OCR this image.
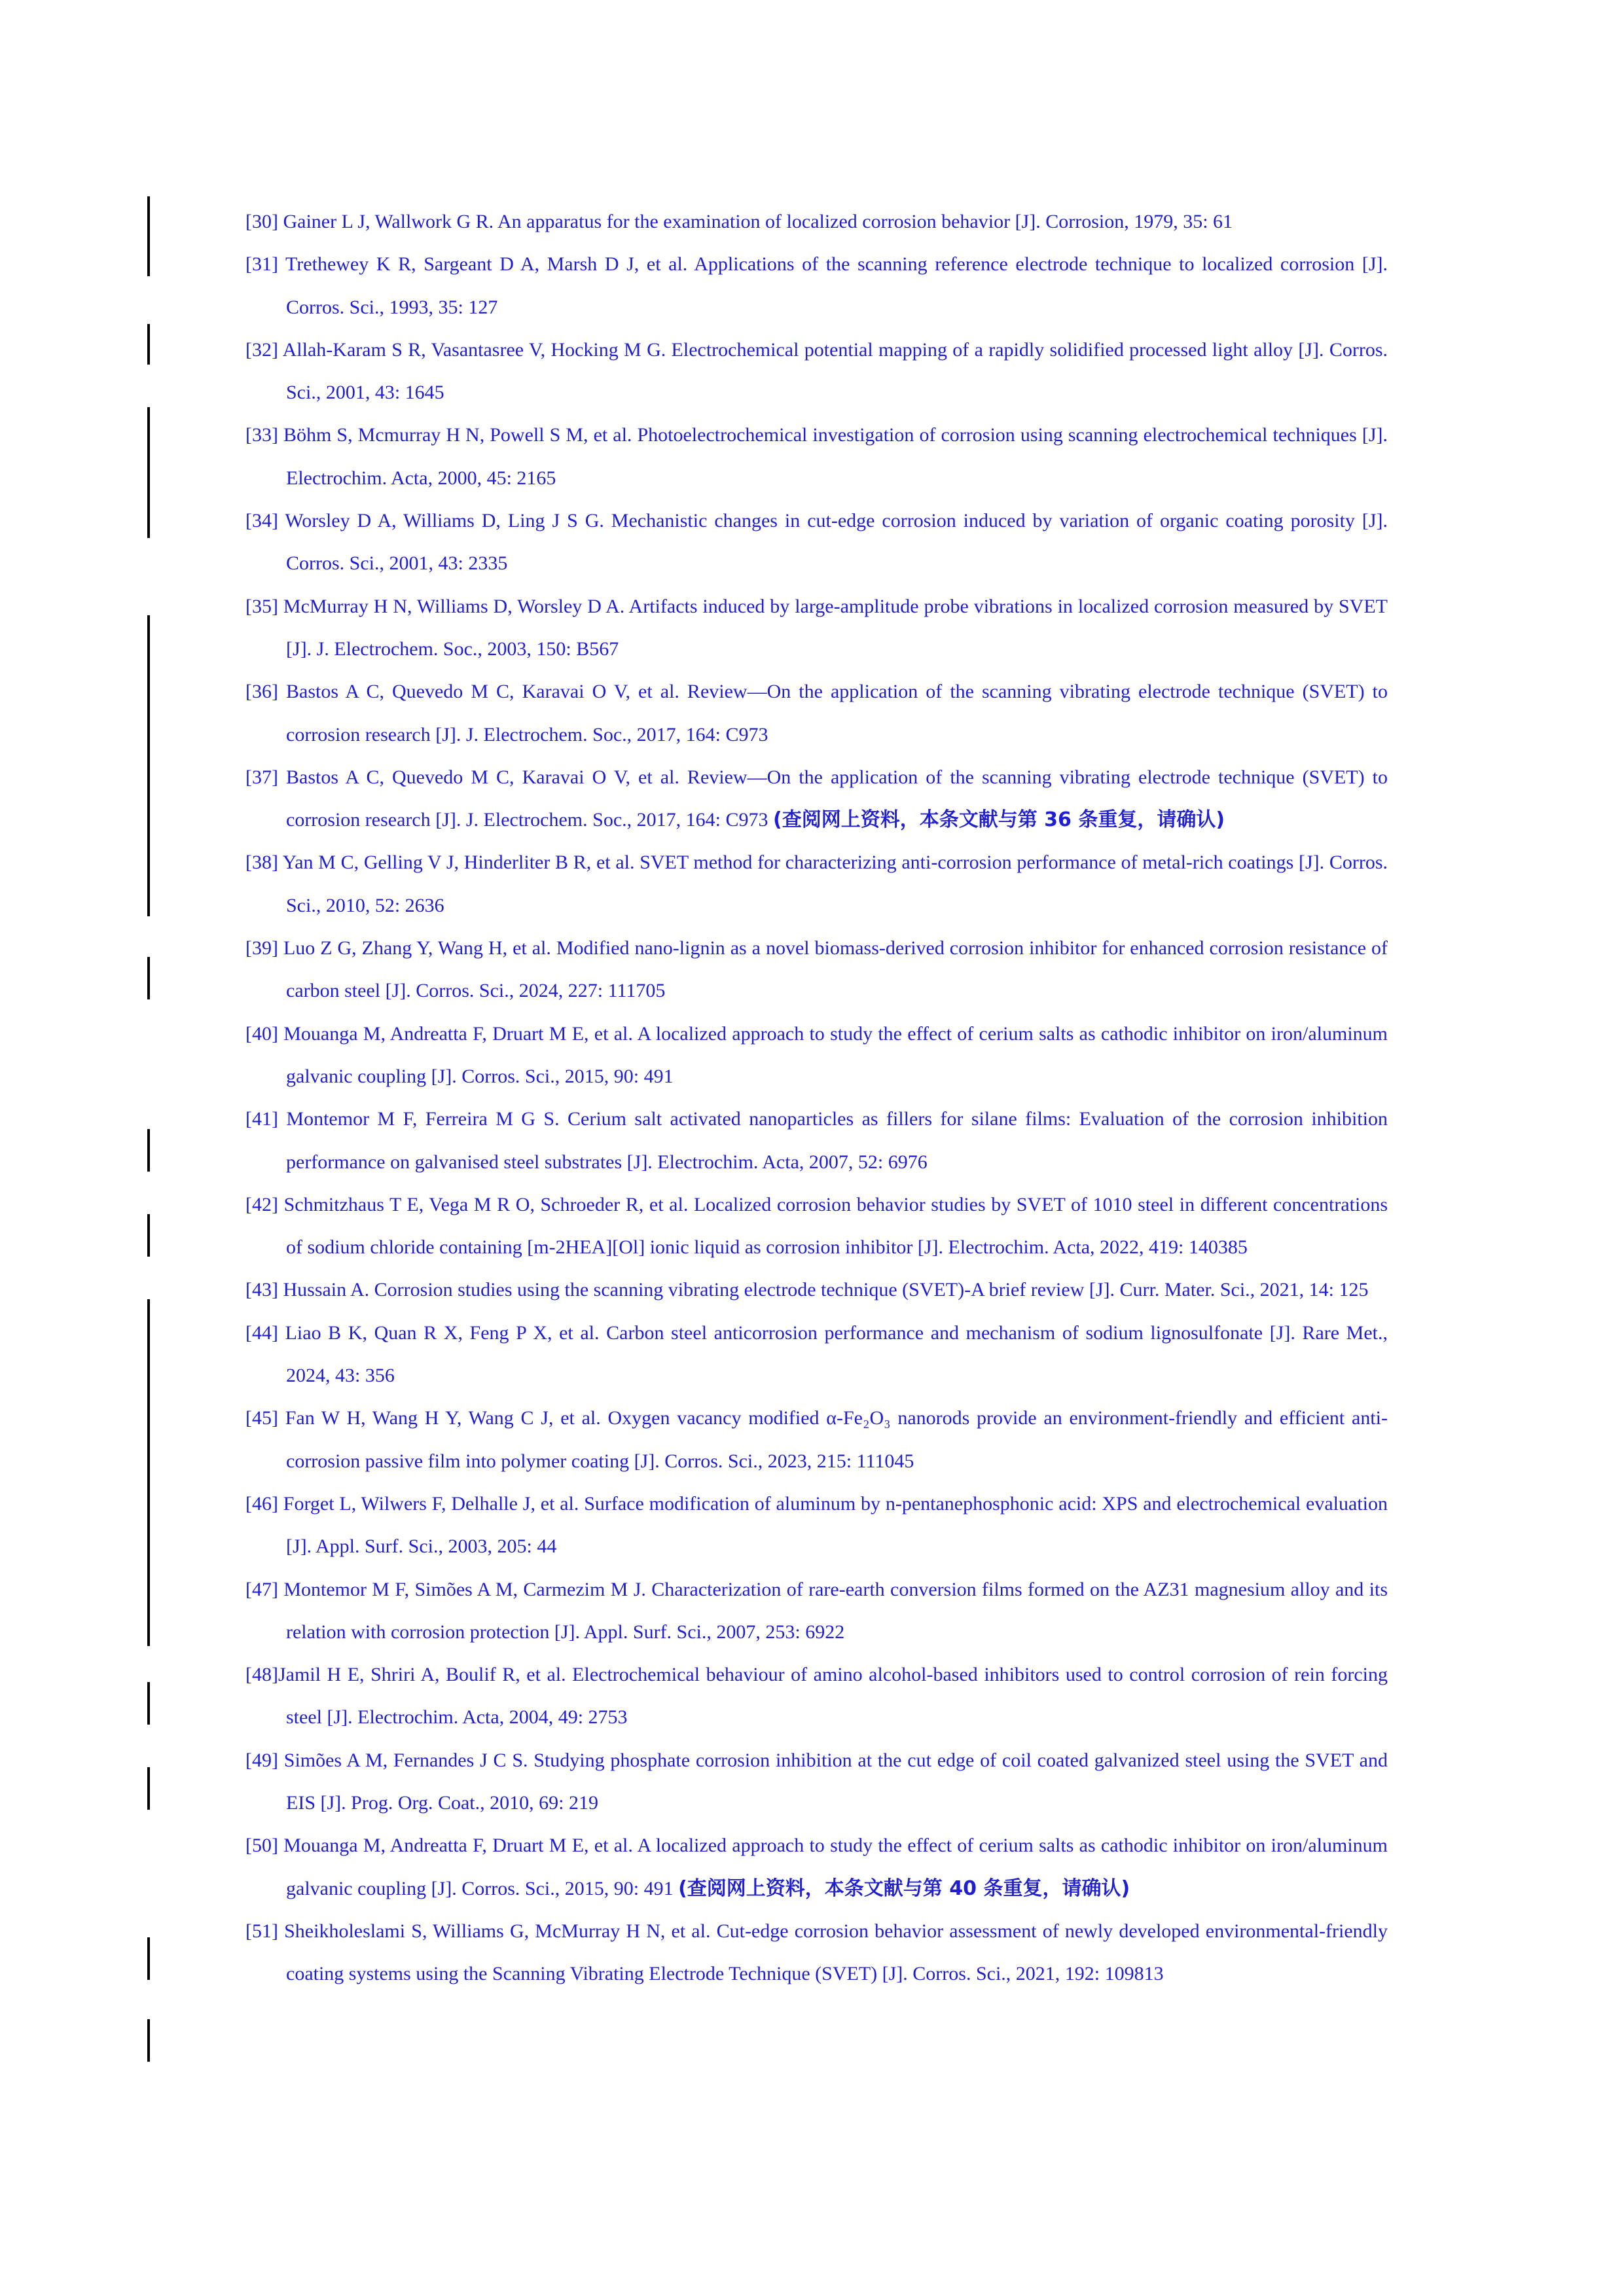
[30] Gainer L J, Wallwork G R. An apparatus for the examination of localized corrosion behavior [J]. Corrosion, 1979, 35: 61
[31] Trethewey K R, Sargeant D A, Marsh D J, et al. Applications of the scanning reference electrode technique to localized corrosion [J]. Corros. Sci., 1993, 35: 127
[32] Allah-Karam S R, Vasantasree V, Hocking M G. Electrochemical potential mapping of a rapidly solidified processed light alloy [J]. Corros. Sci., 2001, 43: 1645
[33] Böhm S, Mcmurray H N, Powell S M, et al. Photoelectrochemical investigation of corrosion using scanning electrochemical techniques [J]. Electrochim. Acta, 2000, 45: 2165
[34] Worsley D A, Williams D, Ling J S G. Mechanistic changes in cut-edge corrosion induced by variation of organic coating porosity [J]. Corros. Sci., 2001, 43: 2335
[35] McMurray H N, Williams D, Worsley D A. Artifacts induced by large-amplitude probe vibrations in localized corrosion measured by SVET [J]. J. Electrochem. Soc., 2003, 150: B567
[36] Bastos A C, Quevedo M C, Karavai O V, et al. Review—On the application of the scanning vibrating electrode technique (SVET) to corrosion research [J]. J. Electrochem. Soc., 2017, 164: C973
[37] Bastos A C, Quevedo M C, Karavai O V, et al. Review—On the application of the scanning vibrating electrode technique (SVET) to corrosion research [J]. J. Electrochem. Soc., 2017, 164: C973 (查阅网上资料，本条文献与第 36 条重复，请确认)
[38] Yan M C, Gelling V J, Hinderliter B R, et al. SVET method for characterizing anti-corrosion performance of metal-rich coatings [J]. Corros. Sci., 2010, 52: 2636
[39] Luo Z G, Zhang Y, Wang H, et al. Modified nano-lignin as a novel biomass-derived corrosion inhibitor for enhanced corrosion resistance of carbon steel [J]. Corros. Sci., 2024, 227: 111705
[40] Mouanga M, Andreatta F, Druart M E, et al. A localized approach to study the effect of cerium salts as cathodic inhibitor on iron/aluminum galvanic coupling [J]. Corros. Sci., 2015, 90: 491
[41] Montemor M F, Ferreira M G S. Cerium salt activated nanoparticles as fillers for silane films: Evaluation of the corrosion inhibition performance on galvanised steel substrates [J]. Electrochim. Acta, 2007, 52: 6976
[42] Schmitzhaus T E, Vega M R O, Schroeder R, et al. Localized corrosion behavior studies by SVET of 1010 steel in different concentrations of sodium chloride containing [m-2HEA][Ol] ionic liquid as corrosion inhibitor [J]. Electrochim. Acta, 2022, 419: 140385
[43] Hussain A. Corrosion studies using the scanning vibrating electrode technique (SVET)-A brief review [J]. Curr. Mater. Sci., 2021, 14: 125
[44] Liao B K, Quan R X, Feng P X, et al. Carbon steel anticorrosion performance and mechanism of sodium lignosulfonate [J]. Rare Met., 2024, 43: 356
[45] Fan W H, Wang H Y, Wang C J, et al. Oxygen vacancy modified α-Fe₂O₃ nanorods provide an environment-friendly and efficient anti-corrosion passive film into polymer coating [J]. Corros. Sci., 2023, 215: 111045
[46] Forget L, Wilwers F, Delhalle J, et al. Surface modification of aluminum by n-pentanephosphonic acid: XPS and electrochemical evaluation [J]. Appl. Surf. Sci., 2003, 205: 44
[47] Montemor M F, Simões A M, Carmezim M J. Characterization of rare-earth conversion films formed on the AZ31 magnesium alloy and its relation with corrosion protection [J]. Appl. Surf. Sci., 2007, 253: 6922
[48]Jamil H E, Shriri A, Boulif R, et al. Electrochemical behaviour of amino alcohol-based inhibitors used to control corrosion of rein forcing steel [J]. Electrochim. Acta, 2004, 49: 2753
[49] Simões A M, Fernandes J C S. Studying phosphate corrosion inhibition at the cut edge of coil coated galvanized steel using the SVET and EIS [J]. Prog. Org. Coat., 2010, 69: 219
[50] Mouanga M, Andreatta F, Druart M E, et al. A localized approach to study the effect of cerium salts as cathodic inhibitor on iron/aluminum galvanic coupling [J]. Corros. Sci., 2015, 90: 491 (查阅网上资料，本条文献与第 40 条重复，请确认)
[51] Sheikholeslami S, Williams G, McMurray H N, et al. Cut-edge corrosion behavior assessment of newly developed environmental-friendly coating systems using the Scanning Vibrating Electrode Technique (SVET) [J]. Corros. Sci., 2021, 192: 109813
